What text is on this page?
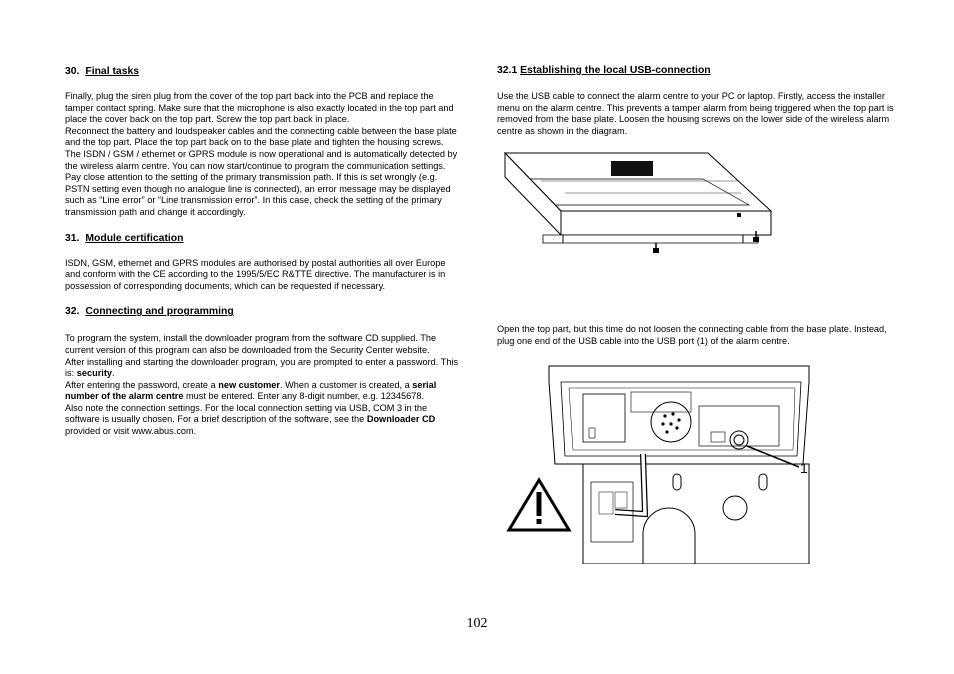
30. Final tasks

Finally, plug the siren plug from the cover of the top part back into the PCB and replace the tamper contact spring. Make sure that the microphone is also exactly located in the top part and place the cover back on the top part. Screw the top part back in place.

Reconnect the battery and loudspeaker cables and the connecting cable between the base plate and the top part. Place the top part back on to the base plate and tighten the housing screws.

The ISDN / GSM / ethernet or GPRS module is now operational and is automatically detected by the wireless alarm centre. You can now start/continue to program the communication settings. Pay close attention to the setting of the primary transmission path. If this is set wrongly (e.g. PSTN setting even though no analogue line is connected), an error message may be displayed such as “Line error” or “Line transmission error”. In this case, check the setting of the primary transmission path and change it accordingly.

31. Module certification

ISDN, GSM, ethernet and GPRS modules are authorised by postal authorities all over Europe and conform with the CE according to the 1995/5/EC R&TTE directive. The manufacturer is in possession of corresponding documents, which can be requested if necessary.

32. Connecting and programming

To program the system, install the downloader program from the software CD supplied. The current version of this program can also be downloaded from the Security Center website.

After installing and starting the downloader program, you are prompted to enter a password. This is: security.

After entering the password, create a new customer. When a customer is created, a serial number of the alarm centre must be entered. Enter any 8-digit number, e.g. 12345678.

Also note the connection settings. For the local connection setting via USB, COM 3 in the software is usually chosen. For a brief description of the software, see the Downloader CD provided or visit www.abus.com.

32.1 Establishing the local USB-connection

Use the USB cable to connect the alarm centre to your PC or laptop. Firstly, access the installer menu on the alarm centre. This prevents a tamper alarm from being triggered when the top part is removed from the base plate. Loosen the housing screws on the lower side of the wireless alarm centre as shown in the diagram.

Open the top part, but this time do not loosen the connecting cable from the base plate. Instead, plug one end of the USB cable into the USB port (1) of the alarm centre.
1
102
